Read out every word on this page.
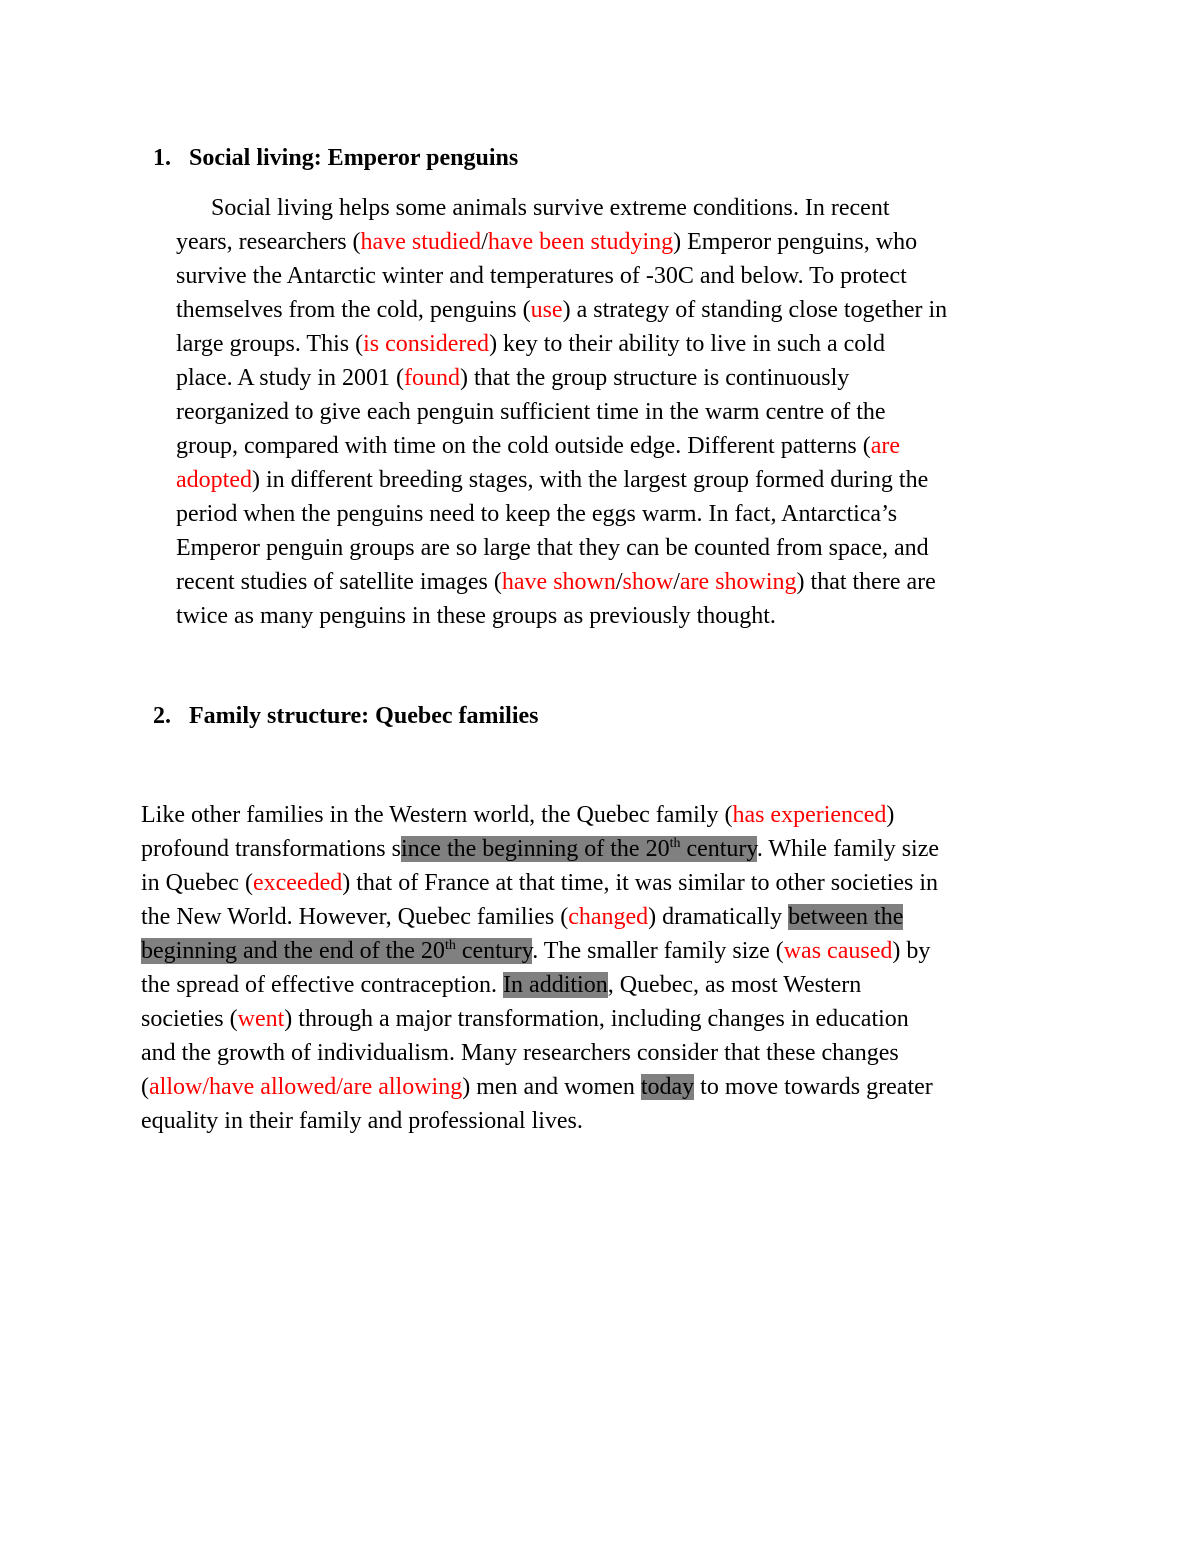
1. Social living: Emperor penguins
Social living helps some animals survive extreme conditions. In recent
years, researchers (have studied/have been studying) Emperor penguins, who
survive the Antarctic winter and temperatures of -30C and below. To protect
themselves from the cold, penguins (use) a strategy of standing close together in
large groups. This (is considered) key to their ability to live in such a cold
place. A study in 2001 (found) that the group structure is continuously
reorganized to give each penguin sufficient time in the warm centre of the
group, compared with time on the cold outside edge. Different patterns (are
adopted) in different breeding stages, with the largest group formed during the
period when the penguins need to keep the eggs warm. In fact, Antarctica’s
Emperor penguin groups are so large that they can be counted from space, and
recent studies of satellite images (have shown/show/are showing) that there are
twice as many penguins in these groups as previously thought.
2. Family structure: Quebec families
Like other families in the Western world, the Quebec family (has experienced)
profound transformations since the beginning of the 20th century. While family size
in Quebec (exceeded) that of France at that time, it was similar to other societies in
the New World. However, Quebec families (changed) dramatically between the
beginning and the end of the 20th century. The smaller family size (was caused) by
the spread of effective contraception. In addition, Quebec, as most Western
societies (went) through a major transformation, including changes in education
and the growth of individualism. Many researchers consider that these changes
(allow/have allowed/are allowing) men and women today to move towards greater
equality in their family and professional lives.
